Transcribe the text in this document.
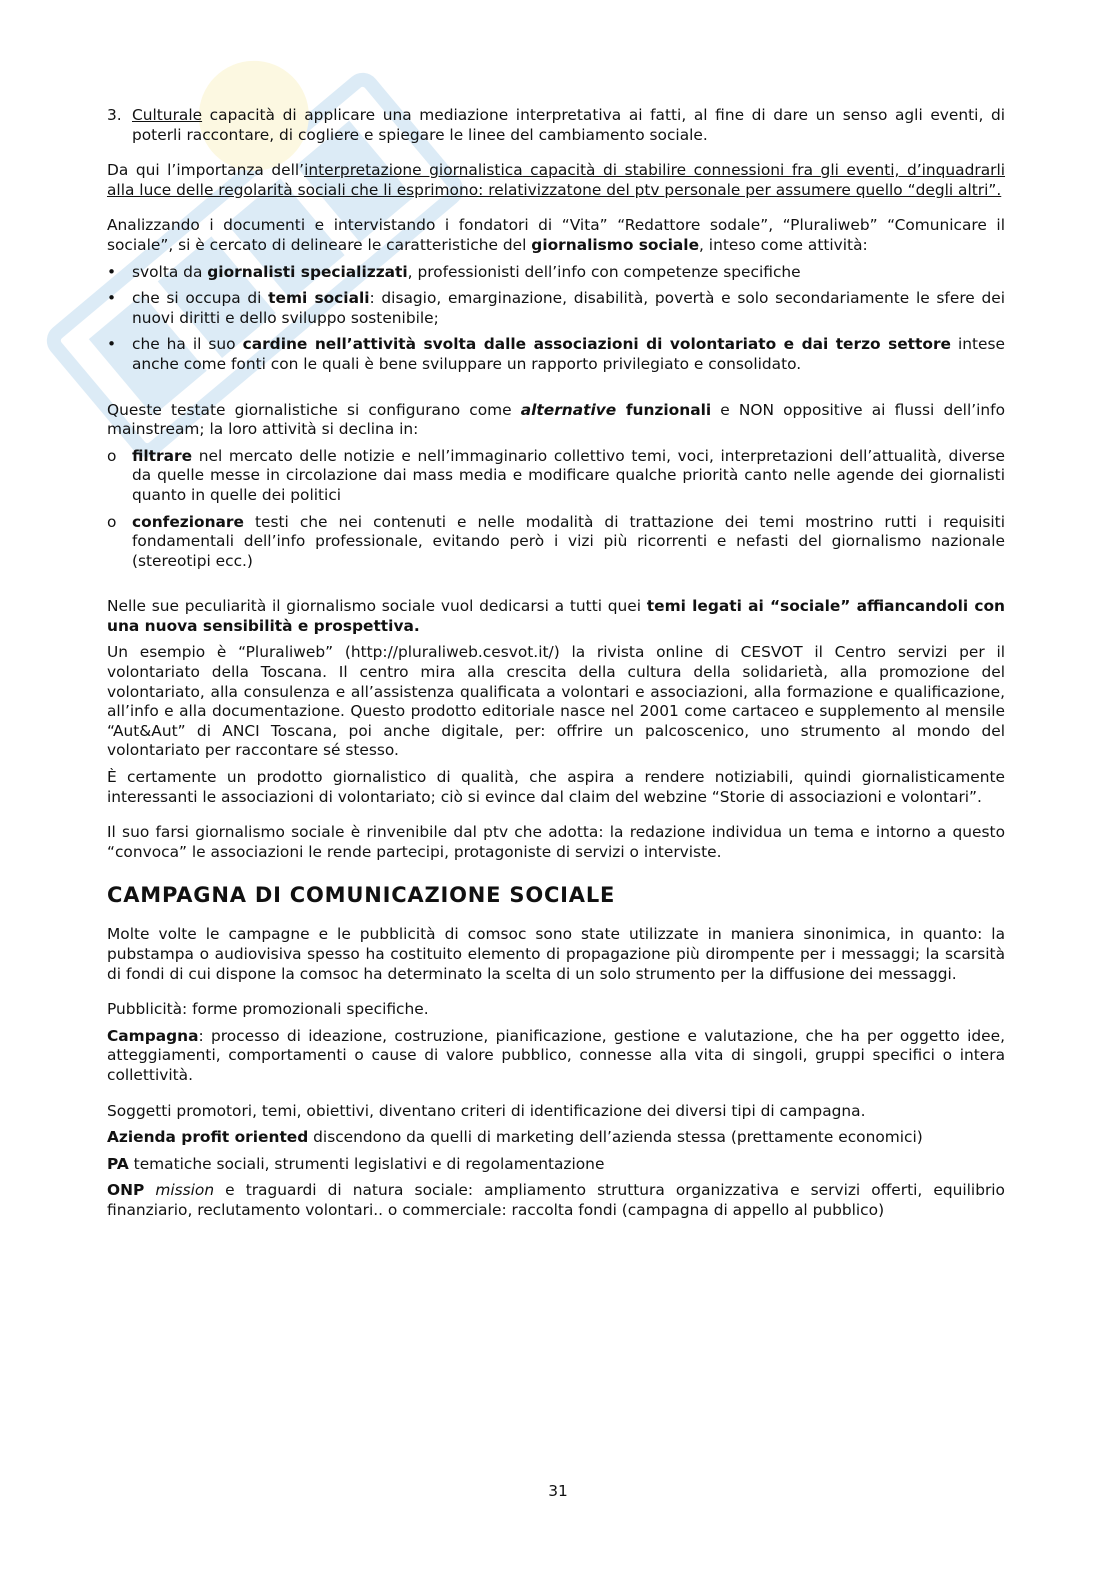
3. Culturale capacità di applicare una mediazione interpretativa ai fatti, al fine di dare un senso agli eventi, di poterli raccontare, di cogliere e spiegare le linee del cambiamento sociale.

Da qui l’importanza dell’interpretazione giornalistica capacità di stabilire connessioni fra gli eventi, d’inquadrarli alla luce delle regolarità sociali che li esprimono: relativizzatone del ptv personale per assumere quello “degli altri”.

Analizzando i documenti e intervistando i fondatori di “Vita” “Redattore sodale”, “Pluraliweb” “Comunicare il sociale”, si è cercato di delineare le caratteristiche del giornalismo sociale, inteso come attività:

• svolta da giornalisti specializzati, professionisti dell’info con competenze specifiche
• che si occupa di temi sociali: disagio, emarginazione, disabilità, povertà e solo secondariamente le sfere dei nuovi diritti e dello sviluppo sostenibile;
• che ha il suo cardine nell’attività svolta dalle associazioni di volontariato e dai terzo settore intese anche come fonti con le quali è bene sviluppare un rapporto privilegiato e consolidato.

Queste testate giornalistiche si configurano come alternative funzionali e NON oppositive ai flussi dell’info mainstream; la loro attività si declina in:

o filtrare nel mercato delle notizie e nell’immaginario collettivo temi, voci, interpretazioni dell’attualità, diverse da quelle messe in circolazione dai mass media e modificare qualche priorità canto nelle agende dei giornalisti quanto in quelle dei politici
o confezionare testi che nei contenuti e nelle modalità di trattazione dei temi mostrino rutti i requisiti fondamentali dell’info professionale, evitando però i vizi più ricorrenti e nefasti del giornalismo nazionale (stereotipi ecc.)

Nelle sue peculiarità il giornalismo sociale vuol dedicarsi a tutti quei temi legati ai “sociale” affiancandoli con una nuova sensibilità e prospettiva.

Un esempio è “Pluraliweb” (http://pluraliweb.cesvot.it/) la rivista online di CESVOT il Centro servizi per il volontariato della Toscana. Il centro mira alla crescita della cultura della solidarietà, alla promozione del volontariato, alla consulenza e all’assistenza qualificata a volontari e associazioni, alla formazione e qualificazione, all’info e alla documentazione. Questo prodotto editoriale nasce nel 2001 come cartaceo e supplemento al mensile “Aut&Aut” di ANCI Toscana, poi anche digitale, per: offrire un palcoscenico, uno strumento al mondo del volontariato per raccontare sé stesso.

È certamente un prodotto giornalistico di qualità, che aspira a rendere notiziabili, quindi giornalisticamente interessanti le associazioni di volontariato; ciò si evince dal claim del webzine “Storie di associazioni e volontari”.

Il suo farsi giornalismo sociale è rinvenibile dal ptv che adotta: la redazione individua un tema e intorno a questo “convoca” le associazioni le rende partecipi, protagoniste di servizi o interviste.

CAMPAGNA DI COMUNICAZIONE SOCIALE

Molte volte le campagne e le pubblicità di comsoc sono state utilizzate in maniera sinonimica, in quanto: la pubstampa o audiovisiva spesso ha costituito elemento di propagazione più dirompente per i messaggi; la scarsità di fondi di cui dispone la comsoc ha determinato la scelta di un solo strumento per la diffusione dei messaggi.

Pubblicità: forme promozionali specifiche.

Campagna: processo di ideazione, costruzione, pianificazione, gestione e valutazione, che ha per oggetto idee, atteggiamenti, comportamenti o cause di valore pubblico, connesse alla vita di singoli, gruppi specifici o intera collettività.

Soggetti promotori, temi, obiettivi, diventano criteri di identificazione dei diversi tipi di campagna.

Azienda profit oriented discendono da quelli di marketing dell’azienda stessa (prettamente economici)

PA tematiche sociali, strumenti legislativi e di regolamentazione

ONP mission e traguardi di natura sociale: ampliamento struttura organizzativa e servizi offerti, equilibrio finanziario, reclutamento volontari.. o commerciale: raccolta fondi (campagna di appello al pubblico)

31
